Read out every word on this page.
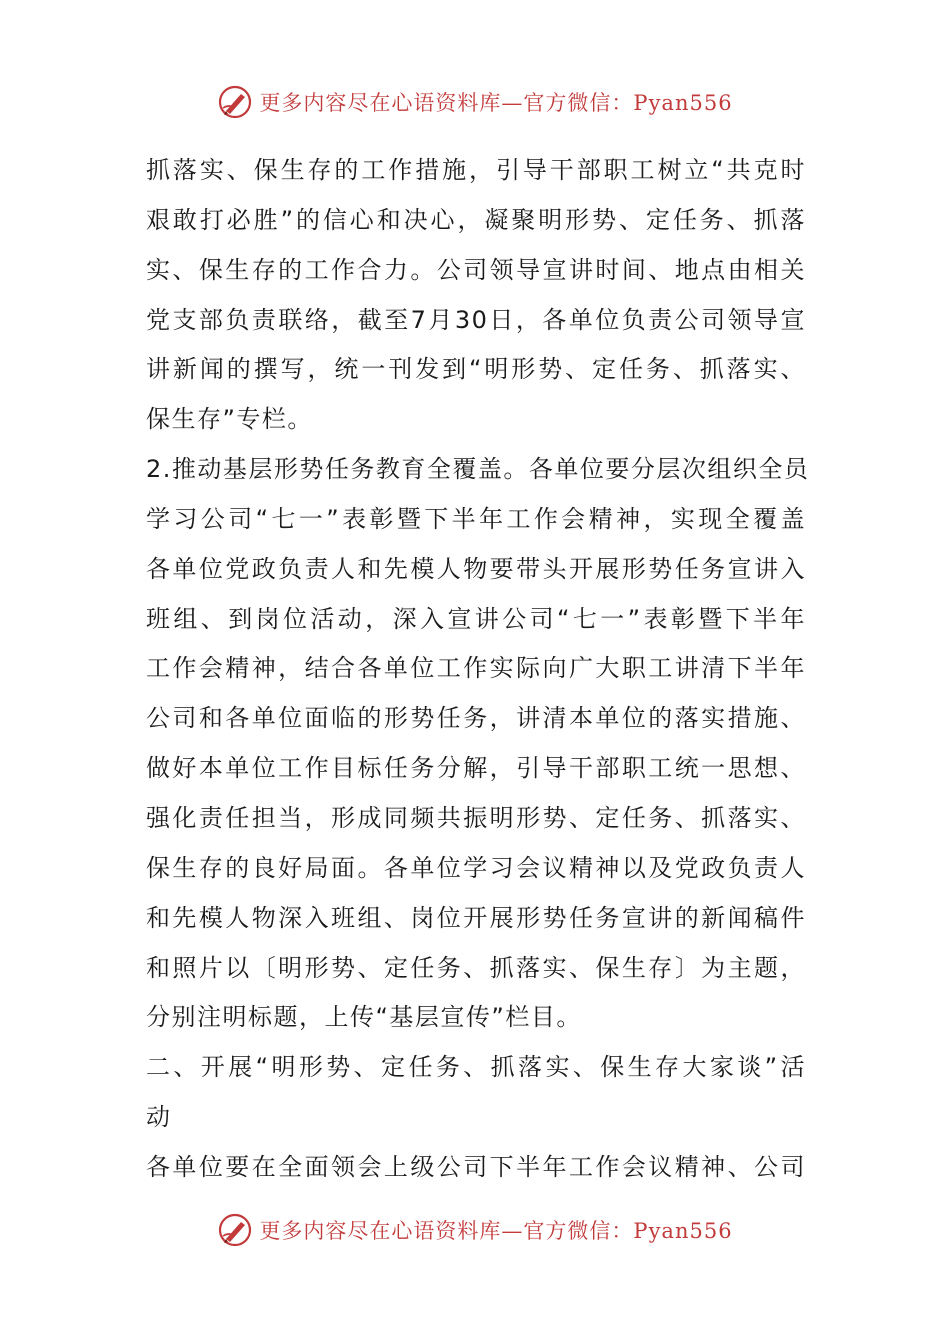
更多内容尽在心语资料库—官方微信：Pyan556
抓落实、保生存的工作措施，引导干部职工树立“共克时
艰敢打必胜”的信心和决心，凝聚明形势、定任务、抓落
实、保生存的工作合力。公司领导宣讲时间、地点由相关
党支部负责联络，截至7月30日，各单位负责公司领导宣
讲新闻的撰写，统一刊发到“明形势、定任务、抓落实、
保生存”专栏。
2.推动基层形势任务教育全覆盖。各单位要分层次组织全员
学习公司“七一”表彰暨下半年工作会精神，实现全覆盖
各单位党政负责人和先模人物要带头开展形势任务宣讲入
班组、到岗位活动，深入宣讲公司“七一”表彰暨下半年
工作会精神，结合各单位工作实际向广大职工讲清下半年
公司和各单位面临的形势任务，讲清本单位的落实措施、
做好本单位工作目标任务分解，引导干部职工统一思想、
强化责任担当，形成同频共振明形势、定任务、抓落实、
保生存的良好局面。各单位学习会议精神以及党政负责人
和先模人物深入班组、岗位开展形势任务宣讲的新闻稿件
和照片以〔明形势、定任务、抓落实、保生存〕为主题，
分别注明标题，上传“基层宣传”栏目。
二、开展“明形势、定任务、抓落实、保生存大家谈”活
动
各单位要在全面领会上级公司下半年工作会议精神、公司
更多内容尽在心语资料库—官方微信：Pyan556
